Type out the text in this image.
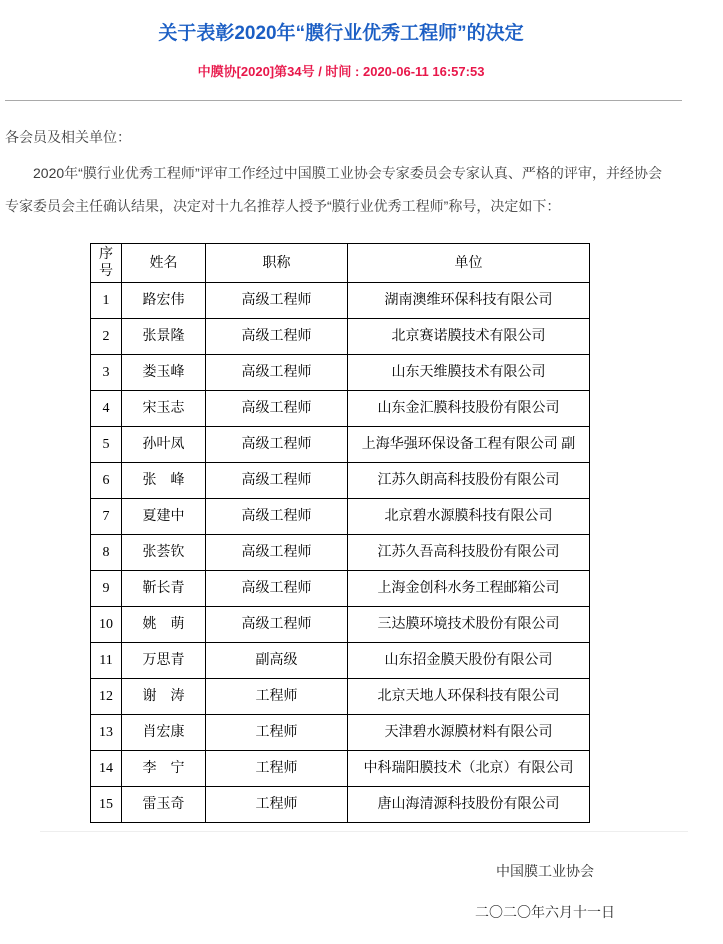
关于表彰2020年“膜行业优秀工程师”的决定
中膜协[2020]第34号 / 时间 : 2020-06-11 16:57:53
各会员及相关单位：

2020年“膜行业优秀工程师”评审工作经过中国膜工业协会专家委员会专家认真、严格的评审，并经协会专家委员会主任确认结果，决定对十九名推荐人授予“膜行业优秀工程师”称号，决定如下：

序号	姓名	职称	单位
1	路宏伟	高级工程师	湖南澳维环保科技有限公司
2	张景隆	高级工程师	北京赛诺膜技术有限公司
3	娄玉峰	高级工程师	山东天维膜技术有限公司
4	宋玉志	高级工程师	山东金汇膜科技股份有限公司
5	孙叶凤	高级工程师	上海华强环保设备工程有限公司 副
6	张　峰	高级工程师	江苏久朗高科技股份有限公司
7	夏建中	高级工程师	北京碧水源膜科技有限公司
8	张荟钦	高级工程师	江苏久吾高科技股份有限公司
9	靳长青	高级工程师	上海金创科水务工程邮箱公司
10	姚　萌	高级工程师	三达膜环境技术股份有限公司
11	万思青	副高级	山东招金膜天股份有限公司
12	谢　涛	工程师	北京天地人环保科技有限公司
13	肖宏康	工程师	天津碧水源膜材料有限公司
14	李　宁	工程师	中科瑞阳膜技术（北京）有限公司
15	雷玉奇	工程师	唐山海清源科技股份有限公司
中国膜工业协会
二〇二〇年六月十一日
